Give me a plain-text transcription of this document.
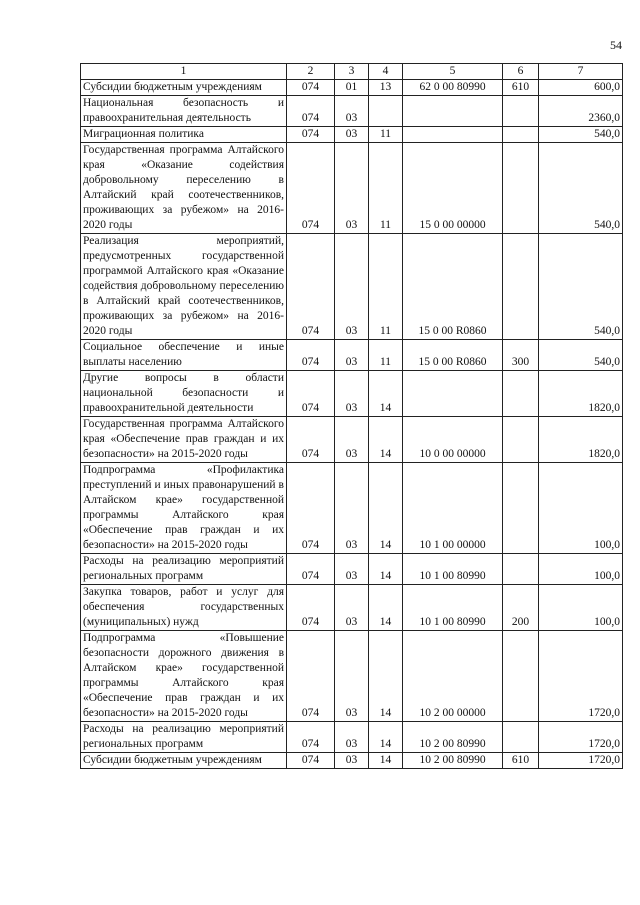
54
1	2	3	4	5	6	7
Субсидии бюджетным учреждениям	074	01	13	62 0 00 80990	610	600,0
Национальная безопасность и правоохранительная деятельность	074	03				2360,0
Миграционная политика	074	03	11			540,0
Государственная программа Алтайского края «Оказание содействия добровольному переселению в Алтайский край соотечественников, проживающих за рубежом» на 2016-2020 годы	074	03	11	15 0 00 00000		540,0
Реализация мероприятий, предусмотренных государственной программой Алтайского края «Оказание содействия добровольному переселению в Алтайский край соотечественников, проживающих за рубежом» на 2016-2020 годы	074	03	11	15 0 00 R0860		540,0
Социальное обеспечение и иные выплаты населению	074	03	11	15 0 00 R0860	300	540,0
Другие вопросы в области национальной безопасности и правоохранительной деятельности	074	03	14			1820,0
Государственная программа Алтайского края «Обеспечение прав граждан и их безопасности» на 2015-2020 годы	074	03	14	10 0 00 00000		1820,0
Подпрограмма «Профилактика преступлений и иных правонарушений в Алтайском крае» государственной программы Алтайского края «Обеспечение прав граждан и их безопасности» на 2015-2020 годы	074	03	14	10 1 00 00000		100,0
Расходы на реализацию мероприятий региональных программ	074	03	14	10 1 00 80990		100,0
Закупка товаров, работ и услуг для обеспечения государственных (муниципальных) нужд	074	03	14	10 1 00 80990	200	100,0
Подпрограмма «Повышение безопасности дорожного движения в Алтайском крае» государственной программы Алтайского края «Обеспечение прав граждан и их безопасности» на 2015-2020 годы	074	03	14	10 2 00 00000		1720,0
Расходы на реализацию мероприятий региональных программ	074	03	14	10 2 00 80990		1720,0
Субсидии бюджетным учреждениям	074	03	14	10 2 00 80990	610	1720,0
